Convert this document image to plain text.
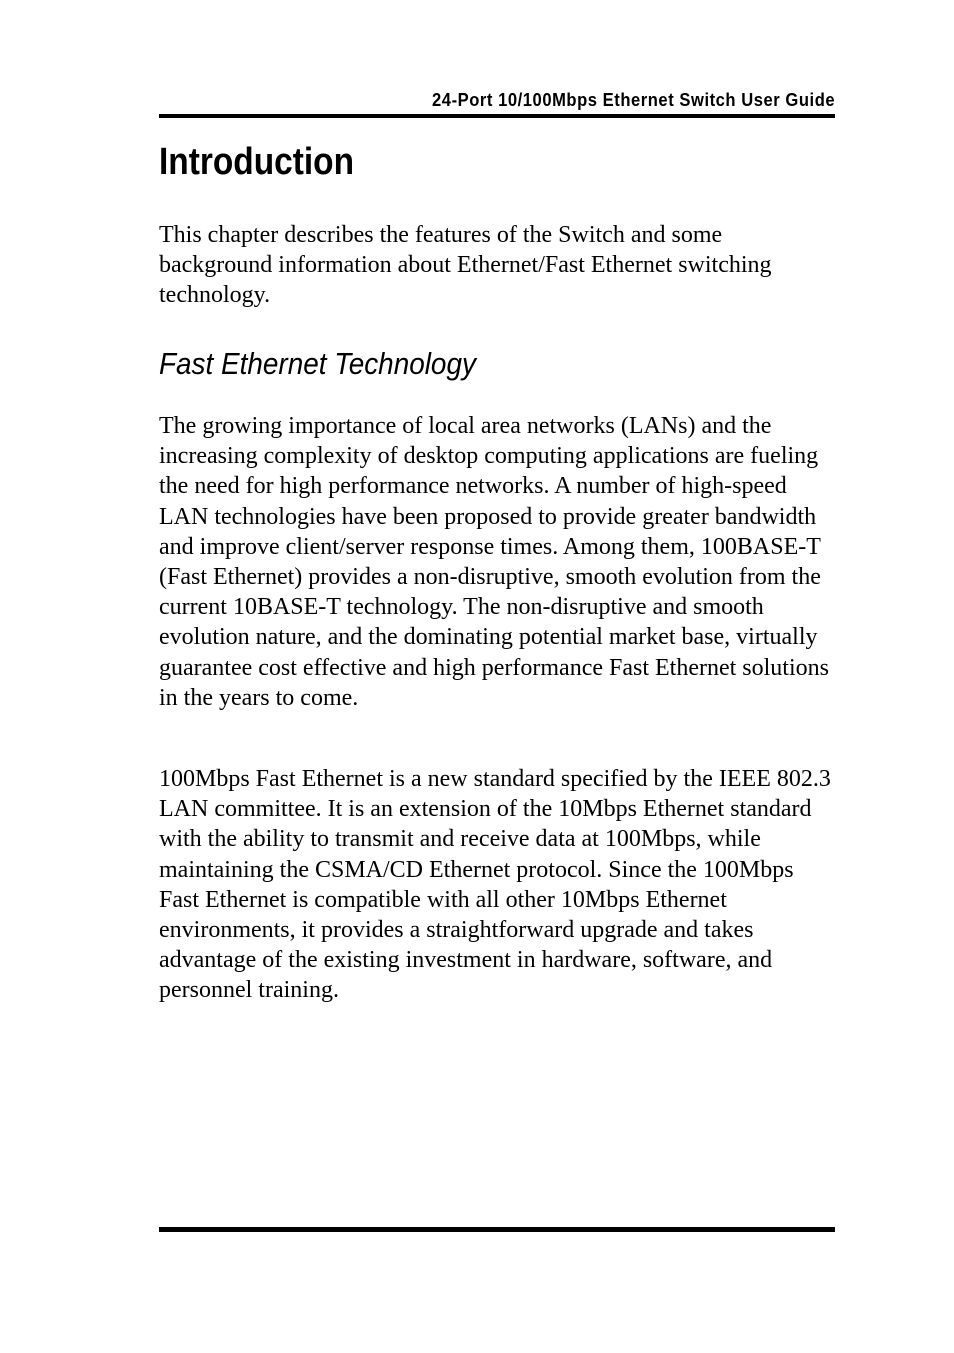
24-Port 10/100Mbps Ethernet Switch User Guide
Introduction

This chapter describes the features of the Switch and some background information about Ethernet/Fast Ethernet switching technology.

Fast Ethernet Technology

The growing importance of local area networks (LANs) and the increasing complexity of desktop computing applications are fueling the need for high performance networks. A number of high-speed LAN technologies have been proposed to provide greater bandwidth and improve client/server response times. Among them, 100BASE-T (Fast Ethernet) provides a non-disruptive, smooth evolution from the current 10BASE-T technology. The non-disruptive and smooth evolution nature, and the dominating potential market base, virtually guarantee cost effective and high performance Fast Ethernet solutions in the years to come.

100Mbps Fast Ethernet is a new standard specified by the IEEE 802.3 LAN committee. It is an extension of the 10Mbps Ethernet standard with the ability to transmit and receive data at 100Mbps, while maintaining the CSMA/CD Ethernet protocol. Since the 100Mbps Fast Ethernet is compatible with all other 10Mbps Ethernet environments, it provides a straightforward upgrade and takes advantage of the existing investment in hardware, software, and personnel training.
